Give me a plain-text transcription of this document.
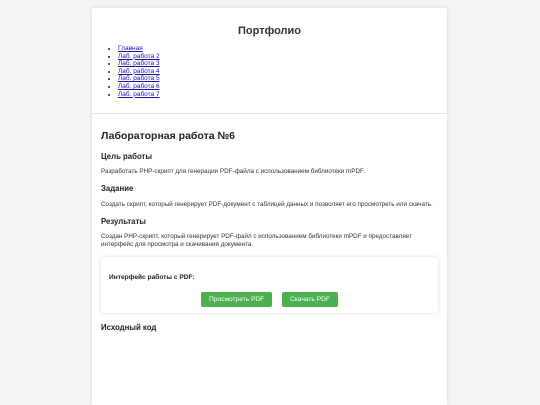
Портфолио
• Главная
• Лаб. работа 2
• Лаб. работа 3
• Лаб. работа 4
• Лаб. работа 5
• Лаб. работа 6
• Лаб. работа 7
Лабораторная работа №6
Цель работы

Разработать PHP-скрипт для генерации PDF-файла с использованием библиотеки mPDF.

Задание

Создать скрипт, который генерирует PDF-документ с таблицей данных и позволяет его просмотреть или скачать.

Результаты

Создан PHP-скрипт, который генерирует PDF-файл с использованием библиотеки mPDF и предоставляет интерфейс для просмотра и скачивания документа.

Интерфейс работы с PDF:
Просмотреть PDF	Скачать PDF
Исходный код
